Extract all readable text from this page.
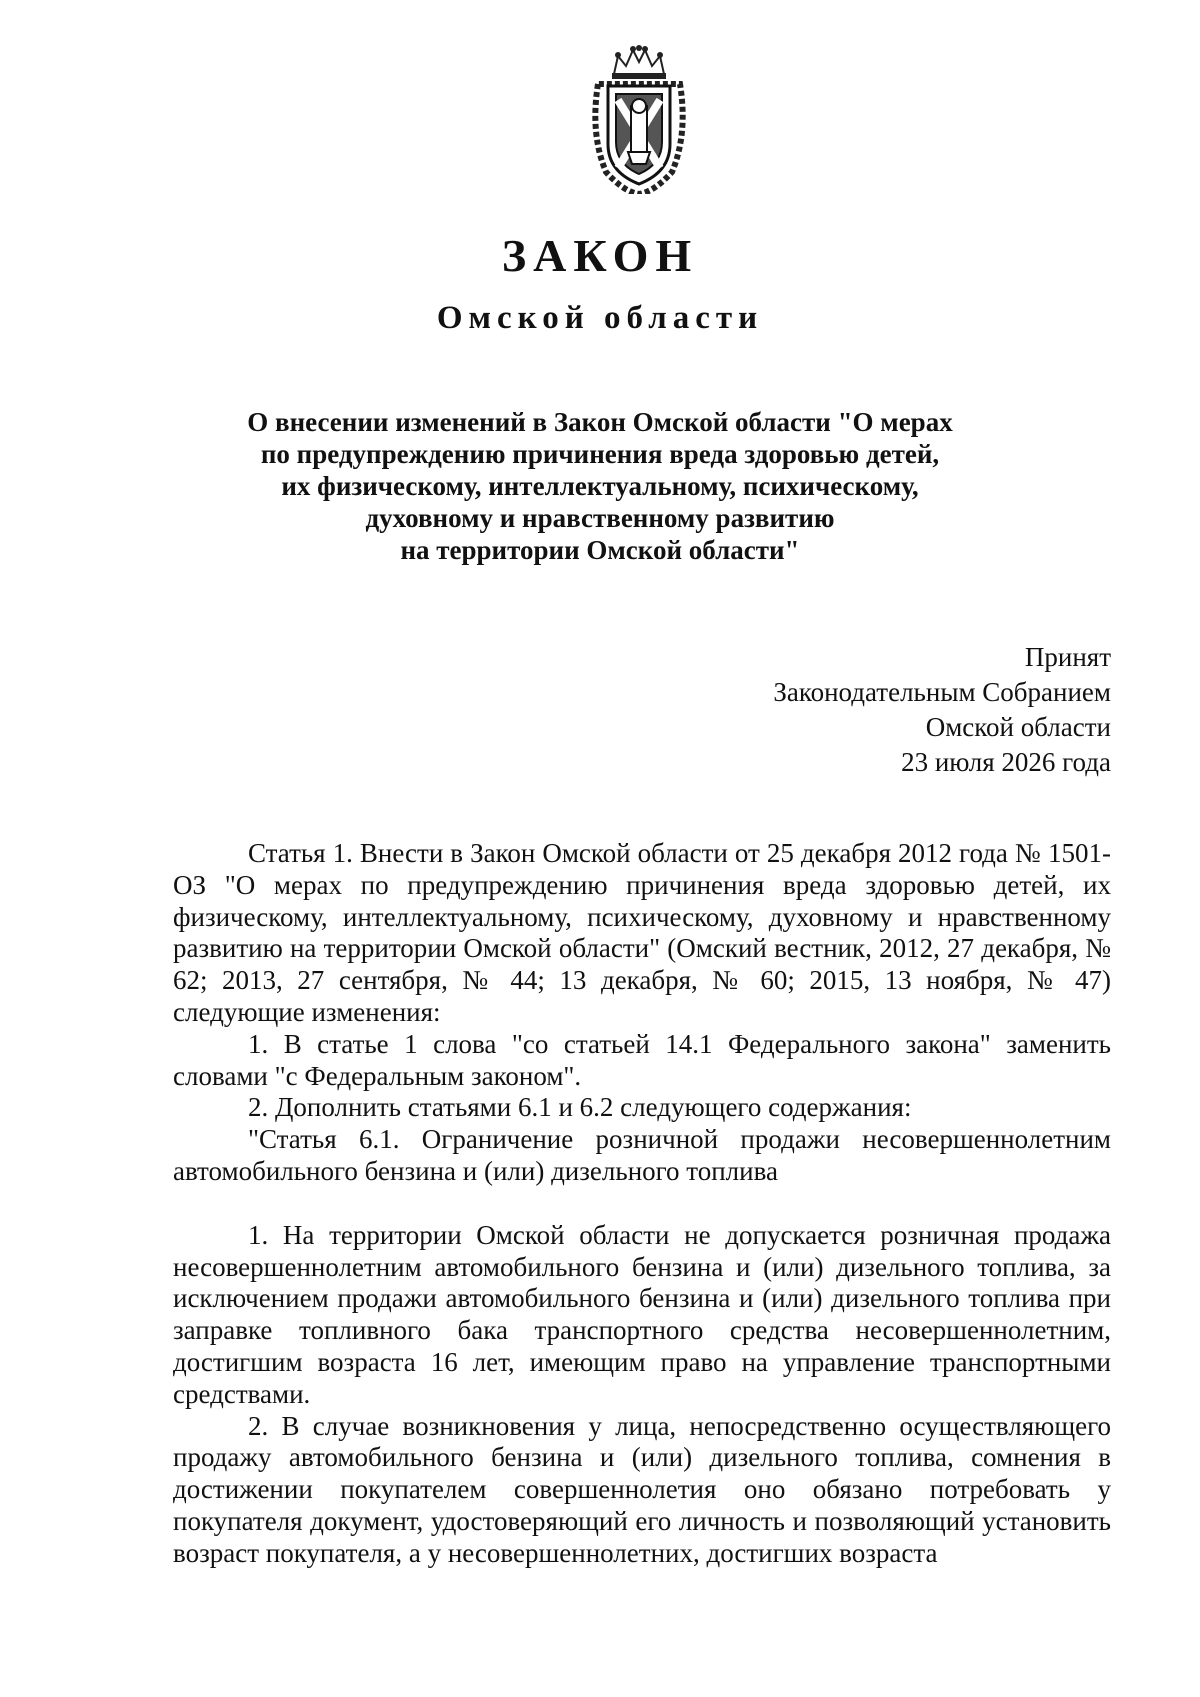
ЗАКОН
Омской области
О внесении изменений в Закон Омской области "О мерах
по предупреждению причинения вреда здоровью детей,
их физическому, интеллектуальному, психическому,
духовному и нравственному развитию
на территории Омской области"
Принят
Законодательным Собранием
Омской области
23 июля 2026 года

Статья 1. Внести в Закон Омской области от 25 декабря 2012 года № 1501-ОЗ "О мерах по предупреждению причинения вреда здоровью детей, их физическому, интеллектуальному, психическому, духовному и нравственному развитию на территории Омской области" (Омский вестник, 2012, 27 декабря, № 62; 2013, 27 сентября, № 44; 13 декабря, № 60; 2015, 13 ноября, № 47) следующие изменения:

1. В статье 1 слова "со статьей 14.1 Федерального закона" заменить словами "с Федеральным законом".

2. Дополнить статьями 6.1 и 6.2 следующего содержания:

"Статья 6.1. Ограничение розничной продажи несовершеннолетним автомобильного бензина и (или) дизельного топлива

1. На территории Омской области не допускается розничная продажа несовершеннолетним автомобильного бензина и (или) дизельного топлива, за исключением продажи автомобильного бензина и (или) дизельного топлива при заправке топливного бака транспортного средства несовершеннолетним, достигшим возраста 16 лет, имеющим право на управление транспортными средствами.

2. В случае возникновения у лица, непосредственно осуществляющего продажу автомобильного бензина и (или) дизельного топлива, сомнения в достижении покупателем совершеннолетия оно обязано потребовать у покупателя документ, удостоверяющий его личность и позволяющий установить возраст покупателя, а у несовершеннолетних, достигших возраста
